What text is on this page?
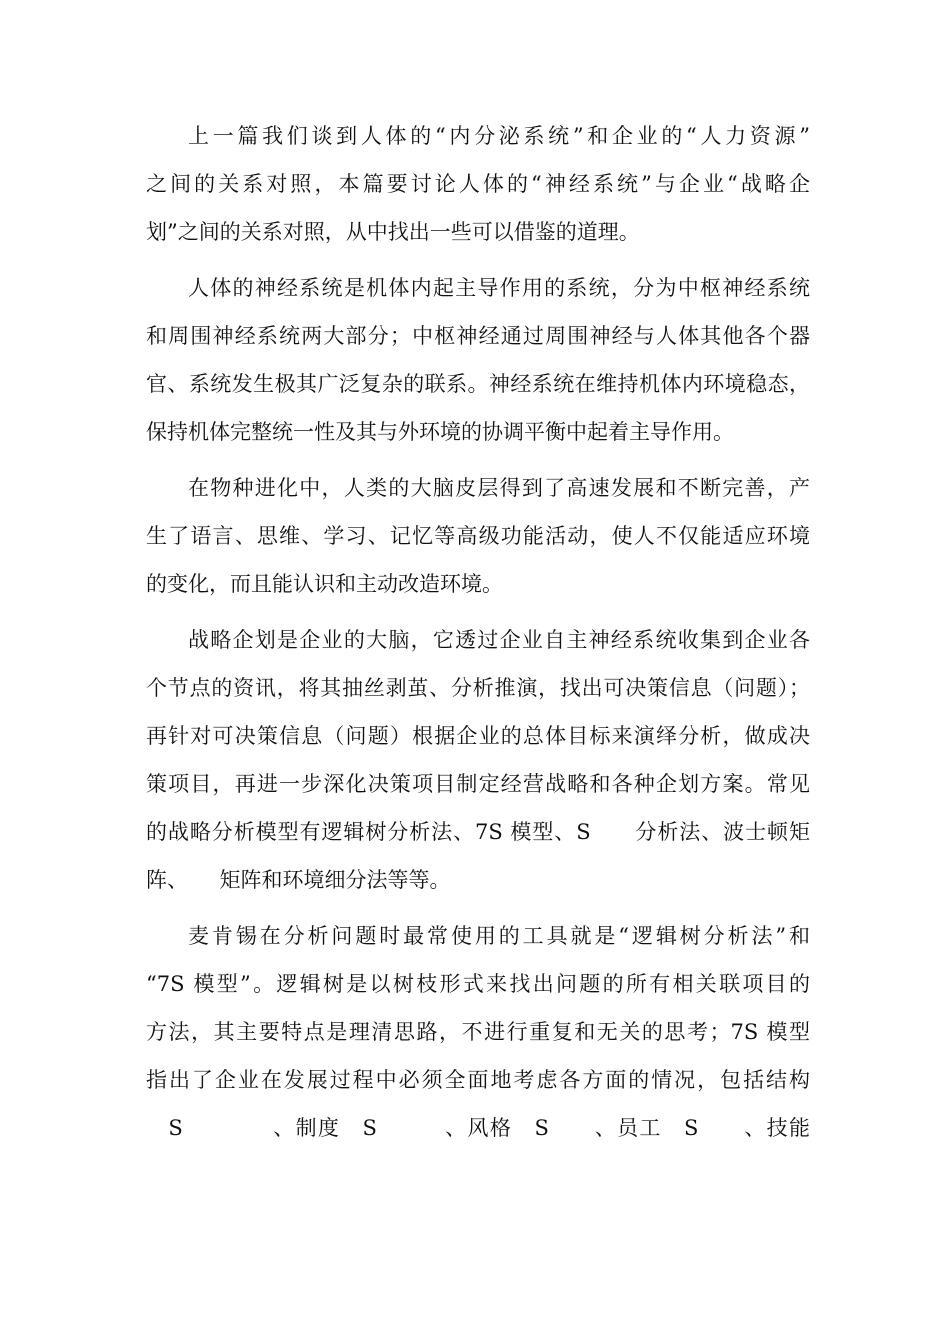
上一篇我们谈到人体的“内分泌系统”和企业的“人力资源”
之间的关系对照，本篇要讨论人体的“神经系统”与企业“战略企
划”之间的关系对照，从中找出一些可以借鉴的道理。
人体的神经系统是机体内起主导作用的系统，分为中枢神经系统
和周围神经系统两大部分；中枢神经通过周围神经与人体其他各个器
官、系统发生极其广泛复杂的联系。神经系统在维持机体内环境稳态，
保持机体完整统一性及其与外环境的协调平衡中起着主导作用。
在物种进化中，人类的大脑皮层得到了高速发展和不断完善，产
生了语言、思维、学习、记忆等高级功能活动，使人不仅能适应环境
的变化，而且能认识和主动改造环境。
战略企划是企业的大脑，它透过企业自主神经系统收集到企业各
个节点的资讯，将其抽丝剥茧、分析推演，找出可决策信息（问题）；
再针对可决策信息（问题）根据企业的总体目标来演绎分析，做成决
策项目，再进一步深化决策项目制定经营战略和各种企划方案。常见
的战略分析模型有逻辑树分析法、7S 模型、S　　分析法、波士顿矩
阵、　　矩阵和环境细分法等等。
麦肯锡在分析问题时最常使用的工具就是“逻辑树分析法”和
“7S 模型”。逻辑树是以树枝形式来找出问题的所有相关联项目的
方法，其主要特点是理清思路，不进行重复和无关的思考；7S 模型
指出了企业在发展过程中必须全面地考虑各方面的情况，包括结构
　S　　　　、制度　S　　　、风格　S　　、员工　S　　、技能
